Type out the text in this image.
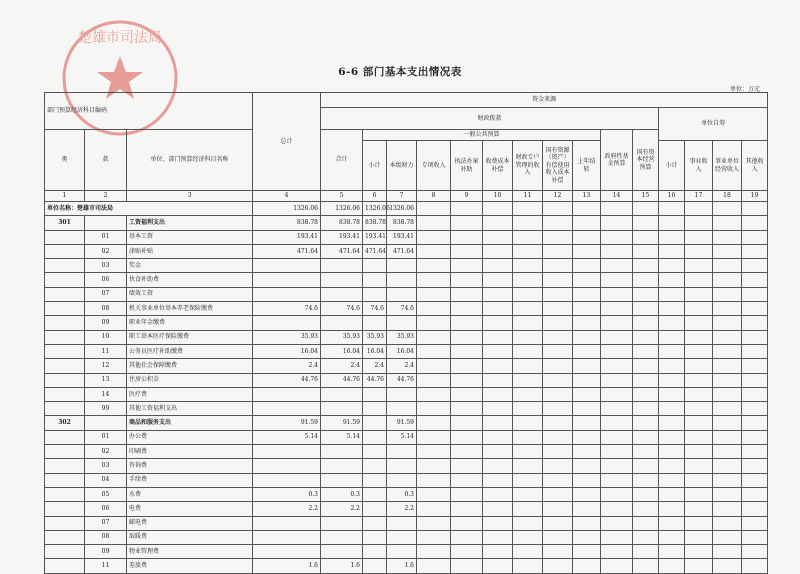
楚雄市司法局
6-6 部门基本支出情况表
单位：万元
部门预算经济科目编码			总计	资金来源														
				财政拨款											单位自筹			
类	款	单位、部门预算经济科目名称		合计	一般公共预算								政府性基金预算	国有资本经营预算				
					小计	本级财力	专项收入	执法办案补助	收费成本补偿	财政专户管理的收入	国有资源（资产）有偿使用收入成本补偿	上年结转			小计	事业收入	事业单位经营收入	其他收入

1	2	3	4	5	6	7	8	9	10	11	12	13	14	15	16	17	18	19
单位名称：楚雄市司法局			1326.06	1326.06	1326.06	1326.06												
301		工资福利支出	838.78	838.78	838.78	838.78												
	01	基本工资	193.41	193.41	193.41	193.41												
	02	津贴补贴	471.64	471.64	471.64	471.64												
	03	奖金																
	06	伙食补助费																
	07	绩效工资																
	08	机关事业单位基本养老保险缴费	74.6	74.6	74.6	74.6												
	09	职业年金缴费																
	10	职工基本医疗保险缴费	35.93	35.93	35.93	35.93												
	11	公务员医疗补助缴费	16.04	16.04	16.04	16.04												
	12	其他社会保障缴费	2.4	2.4	2.4	2.4												
	13	住房公积金	44.76	44.76	44.76	44.76												
	14	医疗费																
	99	其他工资福利支出																
302		商品和服务支出	91.59	91.59		91.59												
	01	办公费	5.14	5.14		5.14												
	02	印刷费																
	03	咨询费																
	04	手续费																
	05	水费	0.3	0.3		0.3												
	06	电费	2.2	2.2		2.2												
	07	邮电费																
	08	取暖费																
	09	物业管理费																
	11	差旅费	1.6	1.6		1.6												
